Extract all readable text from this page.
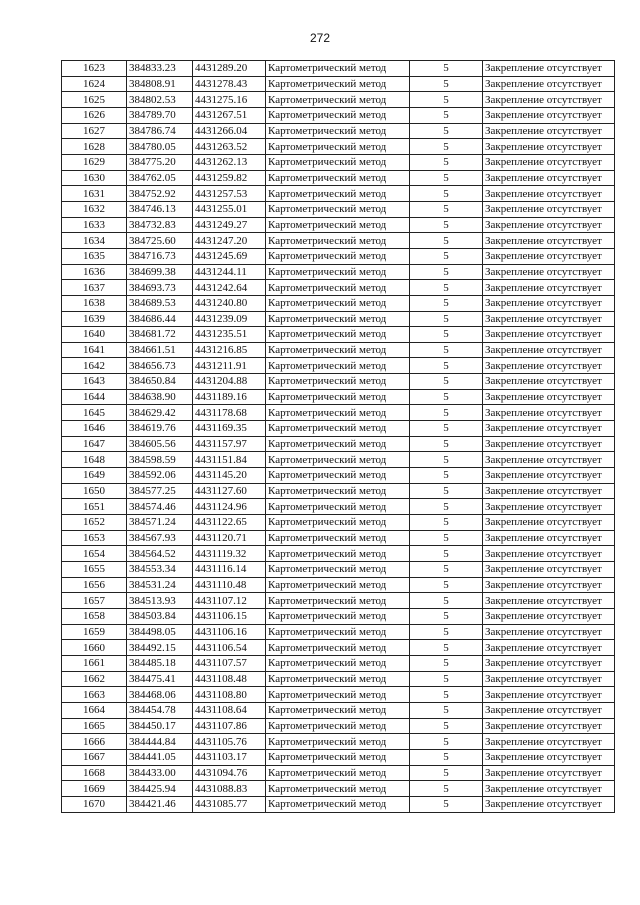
272
1623	384833.23	4431289.20	Картометрический метод	5	Закрепление отсутствует
1624	384808.91	4431278.43	Картометрический метод	5	Закрепление отсутствует
1625	384802.53	4431275.16	Картометрический метод	5	Закрепление отсутствует
1626	384789.70	4431267.51	Картометрический метод	5	Закрепление отсутствует
1627	384786.74	4431266.04	Картометрический метод	5	Закрепление отсутствует
1628	384780.05	4431263.52	Картометрический метод	5	Закрепление отсутствует
1629	384775.20	4431262.13	Картометрический метод	5	Закрепление отсутствует
1630	384762.05	4431259.82	Картометрический метод	5	Закрепление отсутствует
1631	384752.92	4431257.53	Картометрический метод	5	Закрепление отсутствует
1632	384746.13	4431255.01	Картометрический метод	5	Закрепление отсутствует
1633	384732.83	4431249.27	Картометрический метод	5	Закрепление отсутствует
1634	384725.60	4431247.20	Картометрический метод	5	Закрепление отсутствует
1635	384716.73	4431245.69	Картометрический метод	5	Закрепление отсутствует
1636	384699.38	4431244.11	Картометрический метод	5	Закрепление отсутствует
1637	384693.73	4431242.64	Картометрический метод	5	Закрепление отсутствует
1638	384689.53	4431240.80	Картометрический метод	5	Закрепление отсутствует
1639	384686.44	4431239.09	Картометрический метод	5	Закрепление отсутствует
1640	384681.72	4431235.51	Картометрический метод	5	Закрепление отсутствует
1641	384661.51	4431216.85	Картометрический метод	5	Закрепление отсутствует
1642	384656.73	4431211.91	Картометрический метод	5	Закрепление отсутствует
1643	384650.84	4431204.88	Картометрический метод	5	Закрепление отсутствует
1644	384638.90	4431189.16	Картометрический метод	5	Закрепление отсутствует
1645	384629.42	4431178.68	Картометрический метод	5	Закрепление отсутствует
1646	384619.76	4431169.35	Картометрический метод	5	Закрепление отсутствует
1647	384605.56	4431157.97	Картометрический метод	5	Закрепление отсутствует
1648	384598.59	4431151.84	Картометрический метод	5	Закрепление отсутствует
1649	384592.06	4431145.20	Картометрический метод	5	Закрепление отсутствует
1650	384577.25	4431127.60	Картометрический метод	5	Закрепление отсутствует
1651	384574.46	4431124.96	Картометрический метод	5	Закрепление отсутствует
1652	384571.24	4431122.65	Картометрический метод	5	Закрепление отсутствует
1653	384567.93	4431120.71	Картометрический метод	5	Закрепление отсутствует
1654	384564.52	4431119.32	Картометрический метод	5	Закрепление отсутствует
1655	384553.34	4431116.14	Картометрический метод	5	Закрепление отсутствует
1656	384531.24	4431110.48	Картометрический метод	5	Закрепление отсутствует
1657	384513.93	4431107.12	Картометрический метод	5	Закрепление отсутствует
1658	384503.84	4431106.15	Картометрический метод	5	Закрепление отсутствует
1659	384498.05	4431106.16	Картометрический метод	5	Закрепление отсутствует
1660	384492.15	4431106.54	Картометрический метод	5	Закрепление отсутствует
1661	384485.18	4431107.57	Картометрический метод	5	Закрепление отсутствует
1662	384475.41	4431108.48	Картометрический метод	5	Закрепление отсутствует
1663	384468.06	4431108.80	Картометрический метод	5	Закрепление отсутствует
1664	384454.78	4431108.64	Картометрический метод	5	Закрепление отсутствует
1665	384450.17	4431107.86	Картометрический метод	5	Закрепление отсутствует
1666	384444.84	4431105.76	Картометрический метод	5	Закрепление отсутствует
1667	384441.05	4431103.17	Картометрический метод	5	Закрепление отсутствует
1668	384433.00	4431094.76	Картометрический метод	5	Закрепление отсутствует
1669	384425.94	4431088.83	Картометрический метод	5	Закрепление отсутствует
1670	384421.46	4431085.77	Картометрический метод	5	Закрепление отсутствует
